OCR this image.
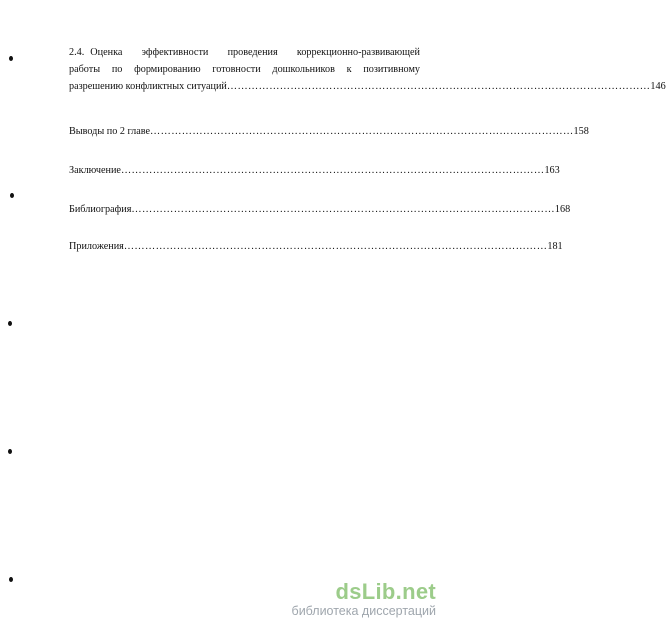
2.4. Оценка эффективности проведения коррекционно-развивающей
работы по формированию готовности дошкольников к позитивному
разрешению конфликтных ситуаций ………………………………………………………………………………………………………… 146
Выводы по 2 главе ………………………………………………………………………………………………………… 158
Заключение ………………………………………………………………………………………………………… 163
Библиография ………………………………………………………………………………………………………… 168
Приложения ………………………………………………………………………………………………………… 181
dsLib.net
библиотека диссертаций
